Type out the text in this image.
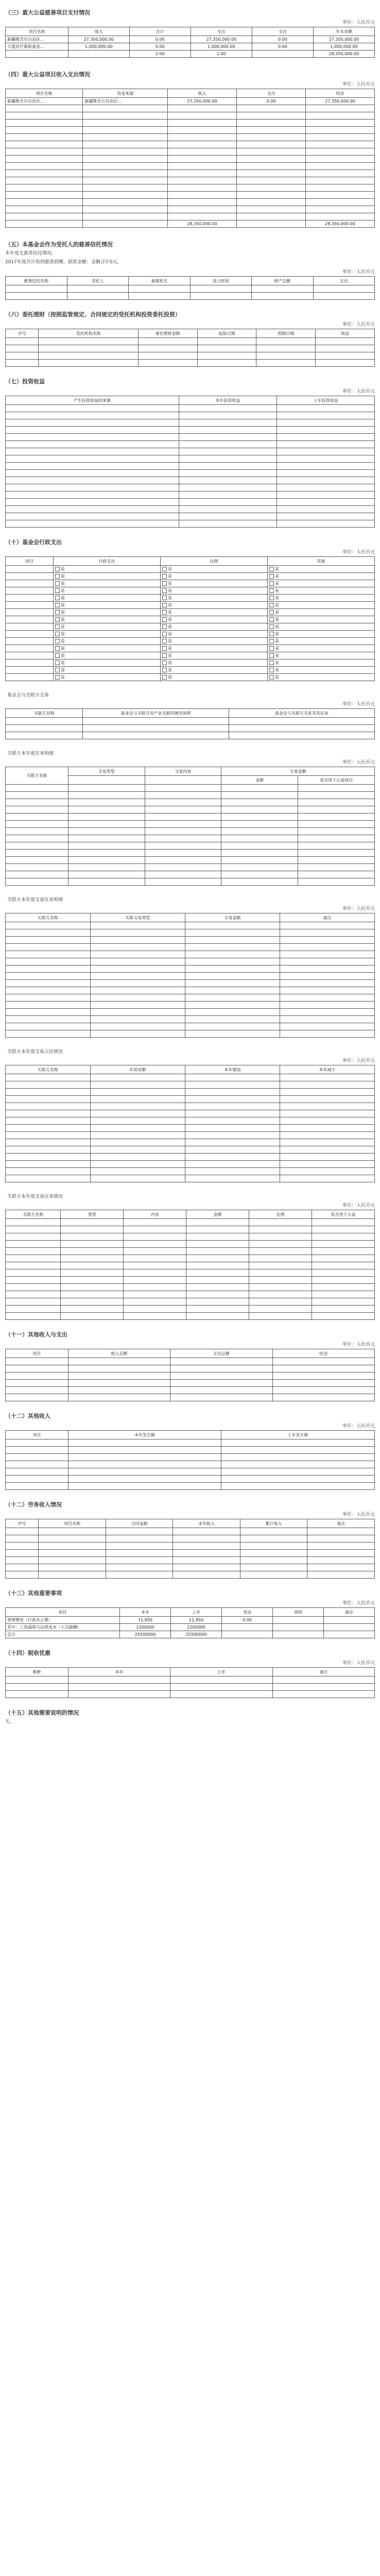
（三）重大公益慈善项目支付情况
单位：人民币元
项目名称	收入	合计	支出	支出	年末余额
新疆维吾尔自治区...	27,350,000.00	0.00	27,350,000.00	0.00	27,350,000.00
大爱医疗救助基金...	1,000,000.00	0.00	1,000,000.00	0.00	1,000,000.00
		2.00	2.00		28,350,000.00
（四）重大公益项目收入支出情况
单位：人民币元
项目名称	资金来源	收入	支出	结余
新疆维吾尔自治区...	新疆维吾尔自治区...	27,350,000.00	0.00	27,350,000.00

		28,350,000.00		28,350,000.00
（五）本基金会作为受托人的慈善信托情况
本年度无慈善信托情况。
2017年度共计收到慈善捐赠，捐款金额：金额合计0元。
单位：人民币元
慈善信托名称	受托人	备案机关	设立时间	财产总额	支出

（六）委托理财（按照监管规定、合同规定的受托机构投资委托投资）
单位：人民币元
序号	受托机构名称	委托理财金额	起始日期	到期日期	收益

（七）投资收益
单位：人民币元
产生投资收益的来源	本年投资收益	上年投资收益

（十）基金会行政支出
单位：人民币元
项目	行政支出	比例	其他
	是	是	是
	是	是	是
	是	是	是
	是	是	是
	是	是	是
	是	是	是
	是	是	是
	是	是	是
	是	是	是
	是	是	是
	是	是	是
	是	是	是
	是	是	是
	是	是	是
	是	是	是
	是	是	是
基金会与关联方交易
单位：人民币元
关联方名称	基金会与关联方有产业关联的情况说明	基金会与关联方关系及其往来

关联方本年度往来明细
单位：人民币元
关联方名称	交易类型	交易内容	交易金额	
			金额	是否用于公益项目

关联方本年度交易往来明细
单位：人民币元
关联方名称	关联交易类型	交易金额	备注

关联方本年度交易占比情况
单位：人民币元
关联方名称	年初余额	本年增加	本年减少

关联方本年度交易往来情况
单位：人民币元
关联方名称	类型	内容	金额	比例	是否用于公益

（十一）其他收入与支出
单位：人民币元
项目	收入总额	支出总额	结余

（十二）其他收入
单位：人民币元
项目	本年发生额	上年发生额

（十二）劳务收入情况
单位：人民币元
序号	项目名称	合同金额	本年收入	累计收入	备注

（十三）其他重要事项
单位：人民币元
项目	本年	上年	变动	说明	备注
管理费用（行政办公费）	11,950	11,950	0.00		
其中：工资福利与运营成本（人员薪酬）	1200000	1200000			
总计	25500000	25500000			
（十四）税收优惠
单位：人民币元
税种	本年	上年	备注

（十五）其他需要说明的情况
无。
